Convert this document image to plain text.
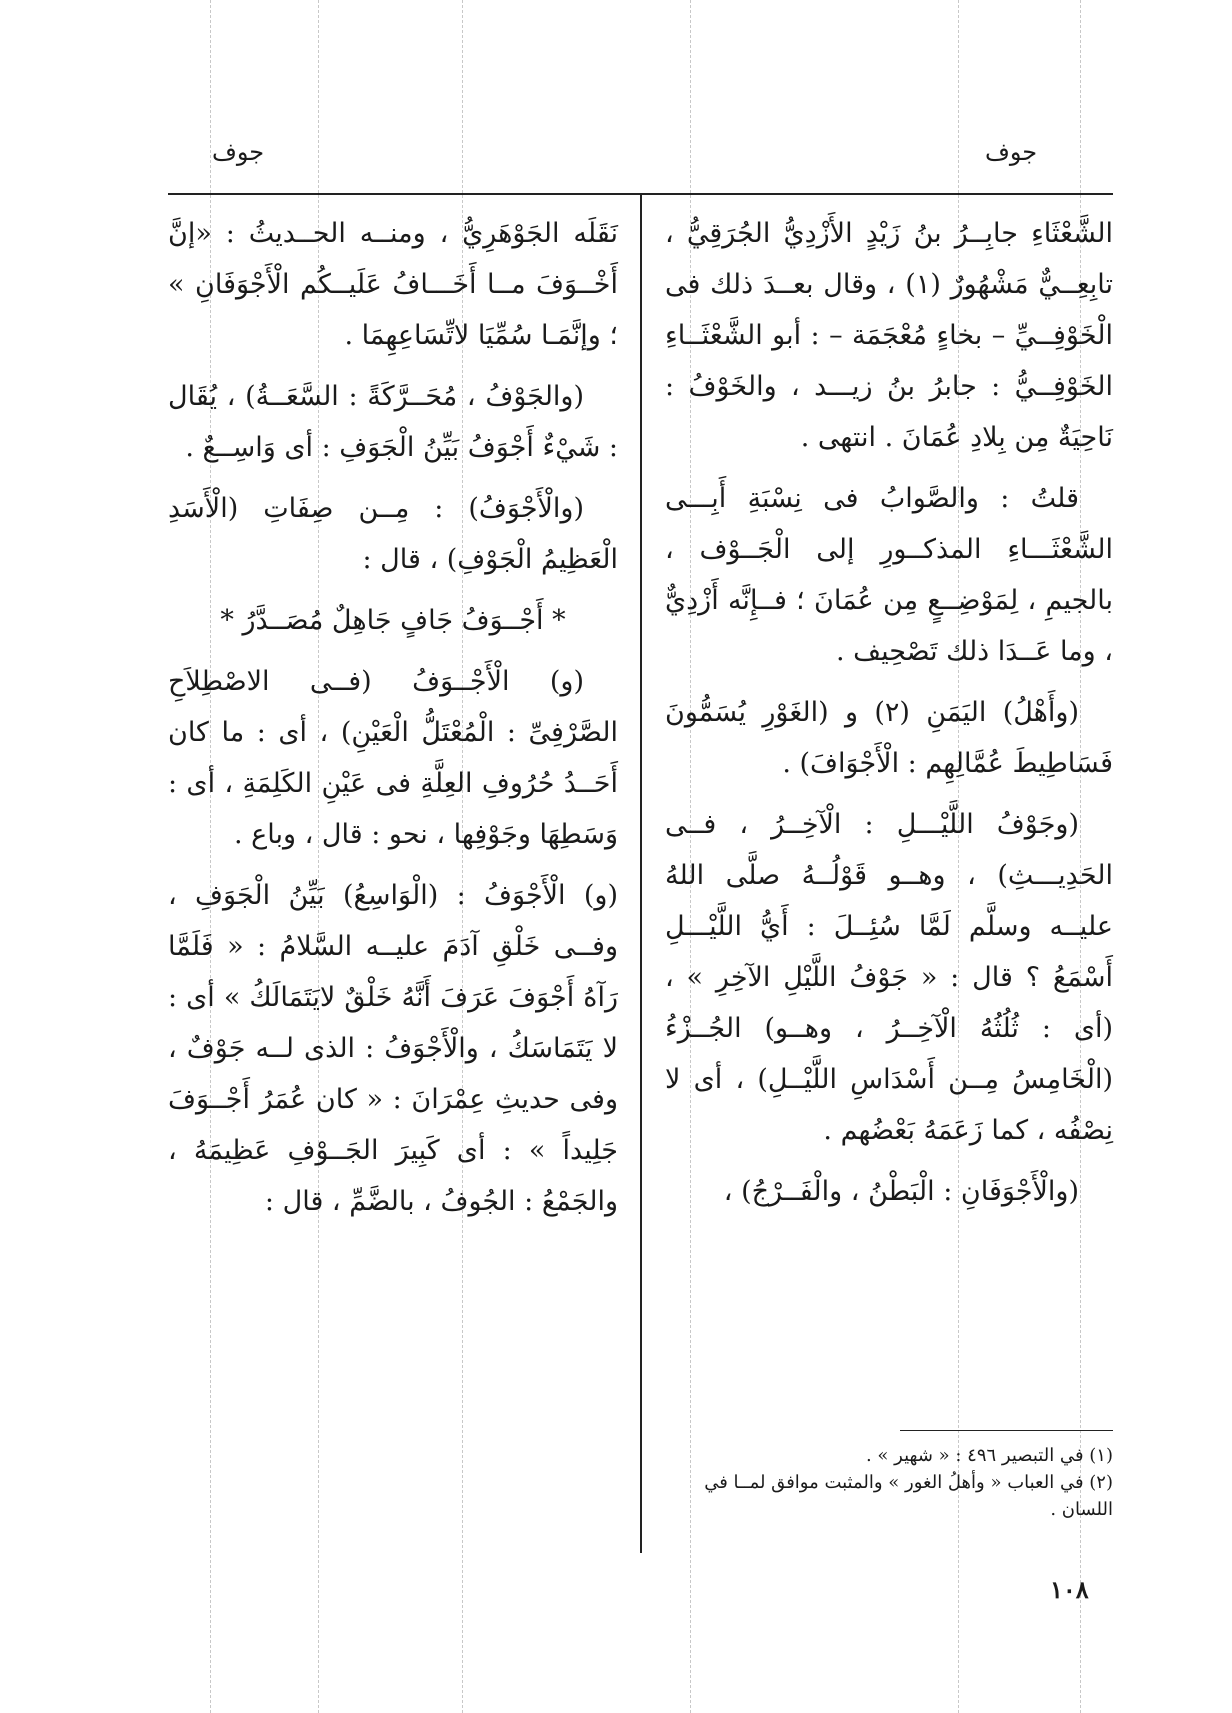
جوف
جوف

الشَّعْثَاءِ جابِــرُ بنُ زَيْدٍ الأَزْدِيُّ الجُرَقِيُّ ، تابِعِــيٌّ مَشْهُورٌ (١) ، وقال بعــدَ ذلك فى الْخَوْفِــيِّ – بخاءٍ مُعْجَمَة – : أبو الشَّعْثَــاءِ الخَوْفِــيُّ : جابرُ بنُ زيـــد ، والخَوْفُ : نَاحِيَةٌ مِن بِلادِ عُمَانَ . انتهى .

قلتُ : والصَّوابُ فى نِسْبَةِ أَبِـــى الشَّعْثَـــاءِ المذكــورِ إلى الْجَــوْف ، بالجيمِ ، لِمَوْضِــعٍ مِن عُمَانَ ؛ فــإِنَّه أَزْدِيٌّ ، وما عَــدَا ذلك تَصْحِيف .

(وأَهْلُ) اليَمَنِ (٢) و (الغَوْرِ يُسَمُّونَ فَسَاطِيطَ عُمَّالِهِم : الْأَجْوَافَ) .

(وجَوْفُ اللَّيْـــلِ : الْآخِــرُ ، فــى الحَدِيـــثِ) ، وهــو قَوْلُــهُ صلَّى اللهُ عليــه وسلَّم لَمَّا سُئِــلَ : أَيُّ اللَّيْـــلِ أَسْمَعُ ؟ قال : « جَوْفُ اللَّيْلِ الآخِرِ » ، (أى : ثُلُثُهُ الْآخِــرُ ، وهــو) الجُــزْءُ (الْخَامِسُ مِــن أَسْدَاسِ اللَّيْــلِ) ، أى لا نِصْفُه ، كما زَعَمَهُ بَعْضُهم .

(والْأَجْوَفَانِ : الْبَطْنُ ، والْفَــرْجُ) ،

نَقَلَه الجَوْهَرِيُّ ، ومنــه الحــديثُ : «إنَّ أَخْــوَفَ مــا أَخَـــافُ عَلَيــكُم الْأَجْوَفَانِ » ؛ وإنَّمَـا سُمِّيَا لاتِّسَاعِهِمَا .

(والجَوْفُ ، مُحَــرَّكَةً : السَّعَــةُ) ، يُقَال : شَيْءٌ أَجْوَفُ بَيِّنُ الْجَوَفِ : أى وَاسِــعٌ .

(والْأَجْوَفُ) : مِــن صِفَاتِ (الْأَسَدِ الْعَظِيمُ الْجَوْفِ) ، قال :

* أَجْــوَفُ جَافٍ جَاهِلٌ مُصَــدَّرُ *

(و) الْأَجْــوَفُ (فــى الاصْطِلاَحِ الصَّرْفِىِّ : الْمُعْتَلُّ الْعَيْنِ) ، أى : ما كان أَحَــدُ حُرُوفِ العِلَّةِ فى عَيْنِ الكَلِمَةِ ، أى : وَسَطِهَا وجَوْفِها ، نحو : قال ، وباع .

(و) الْأَجْوَفُ : (الْوَاسِعُ) بَيِّنُ الْجَوَفِ ، وفــى خَلْقِ آدَمَ عليــه السَّلامُ : « فَلَمَّا رَآهُ أَجْوَفَ عَرَفَ أَنَّهُ خَلْقٌ لايَتَمَالَكُ » أى : لا يَتَمَاسَكُ ، والْأَجْوَفُ : الذى لــه جَوْفٌ ، وفى حديثِ عِمْرَانَ : « كان عُمَرُ أَجْــوَفَ جَلِيداً » : أى كَبِيرَ الجَــوْفِ عَظِيمَهُ ، والجَمْعُ : الجُوفُ ، بالضَّمِّ ، قال :

(١) في التبصير ٤٩٦ : « شهير » .

(٢) في العباب « وأهلُ الغور » والمثبت موافق لمــا في اللسان .

١٠٨
